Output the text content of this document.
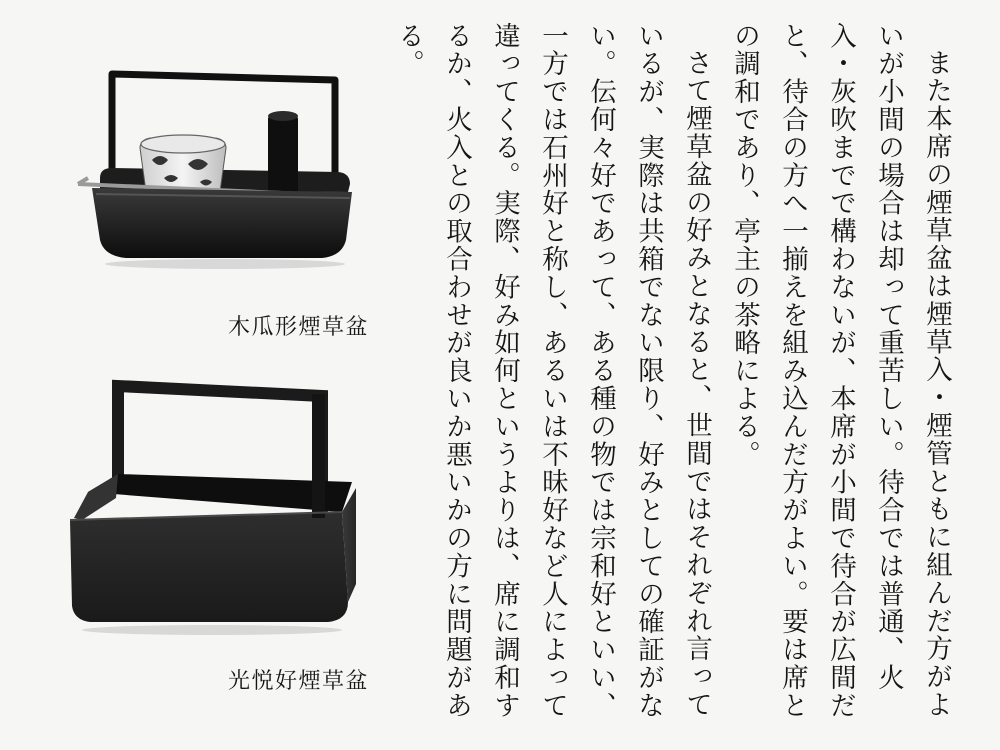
木瓜形煙草盆
光悦好煙草盆	また本席の煙草盆は煙草入・煙管ともに組んだ方がよいが小間の場合は却って重苦しい。待合では普通、火入・灰吹までで構わないが、本席が小間で待合が広間だと、待合の方へ一揃えを組み込んだ方がよい。要は席との調和であり、亭主の茶略による。

さて煙草盆の好みとなると、世間ではそれぞれ言っているが、実際は共箱でない限り、好みとしての確証がない。伝何々好であって、ある種の物では宗和好といい、一方では石州好と称し、あるいは不昧好など人によって違ってくる。実際、好み如何というよりは、席に調和するか、火入との取合わせが良いか悪いかの方に問題がある。
